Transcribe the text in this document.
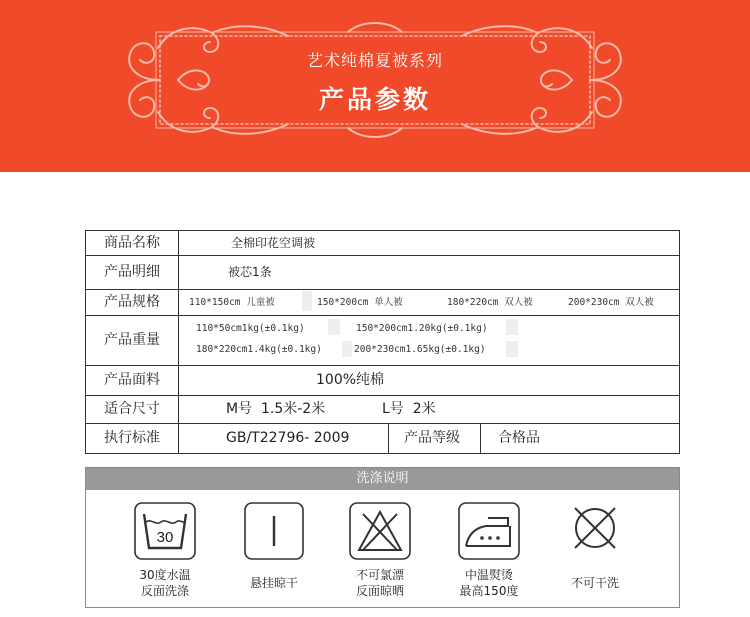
艺术纯棉夏被系列
产品参数
商品名称	全棉印花空调被
产品明细	被芯1条
产品规格	110*150cm 儿童被	150*200cm 单人被	180*220cm 双人被	200*230cm 双人被
产品重量
110*50cm1kg(±0.1kg)	150*200cm1.20kg(±0.1kg)
180*220cm1.4kg(±0.1kg)	200*230cm1.65kg(±0.1kg)
产品面料	100%纯棉
适合尺寸	M号  1.5米-2米	L号  2米
执行标准	GB/T22796- 2009	产品等级	合格品
洗涤说明
30
30度水温
反面洗涤
悬挂晾干
不可氯漂
反面晾晒
中温熨烫
最高150度
不可干洗
